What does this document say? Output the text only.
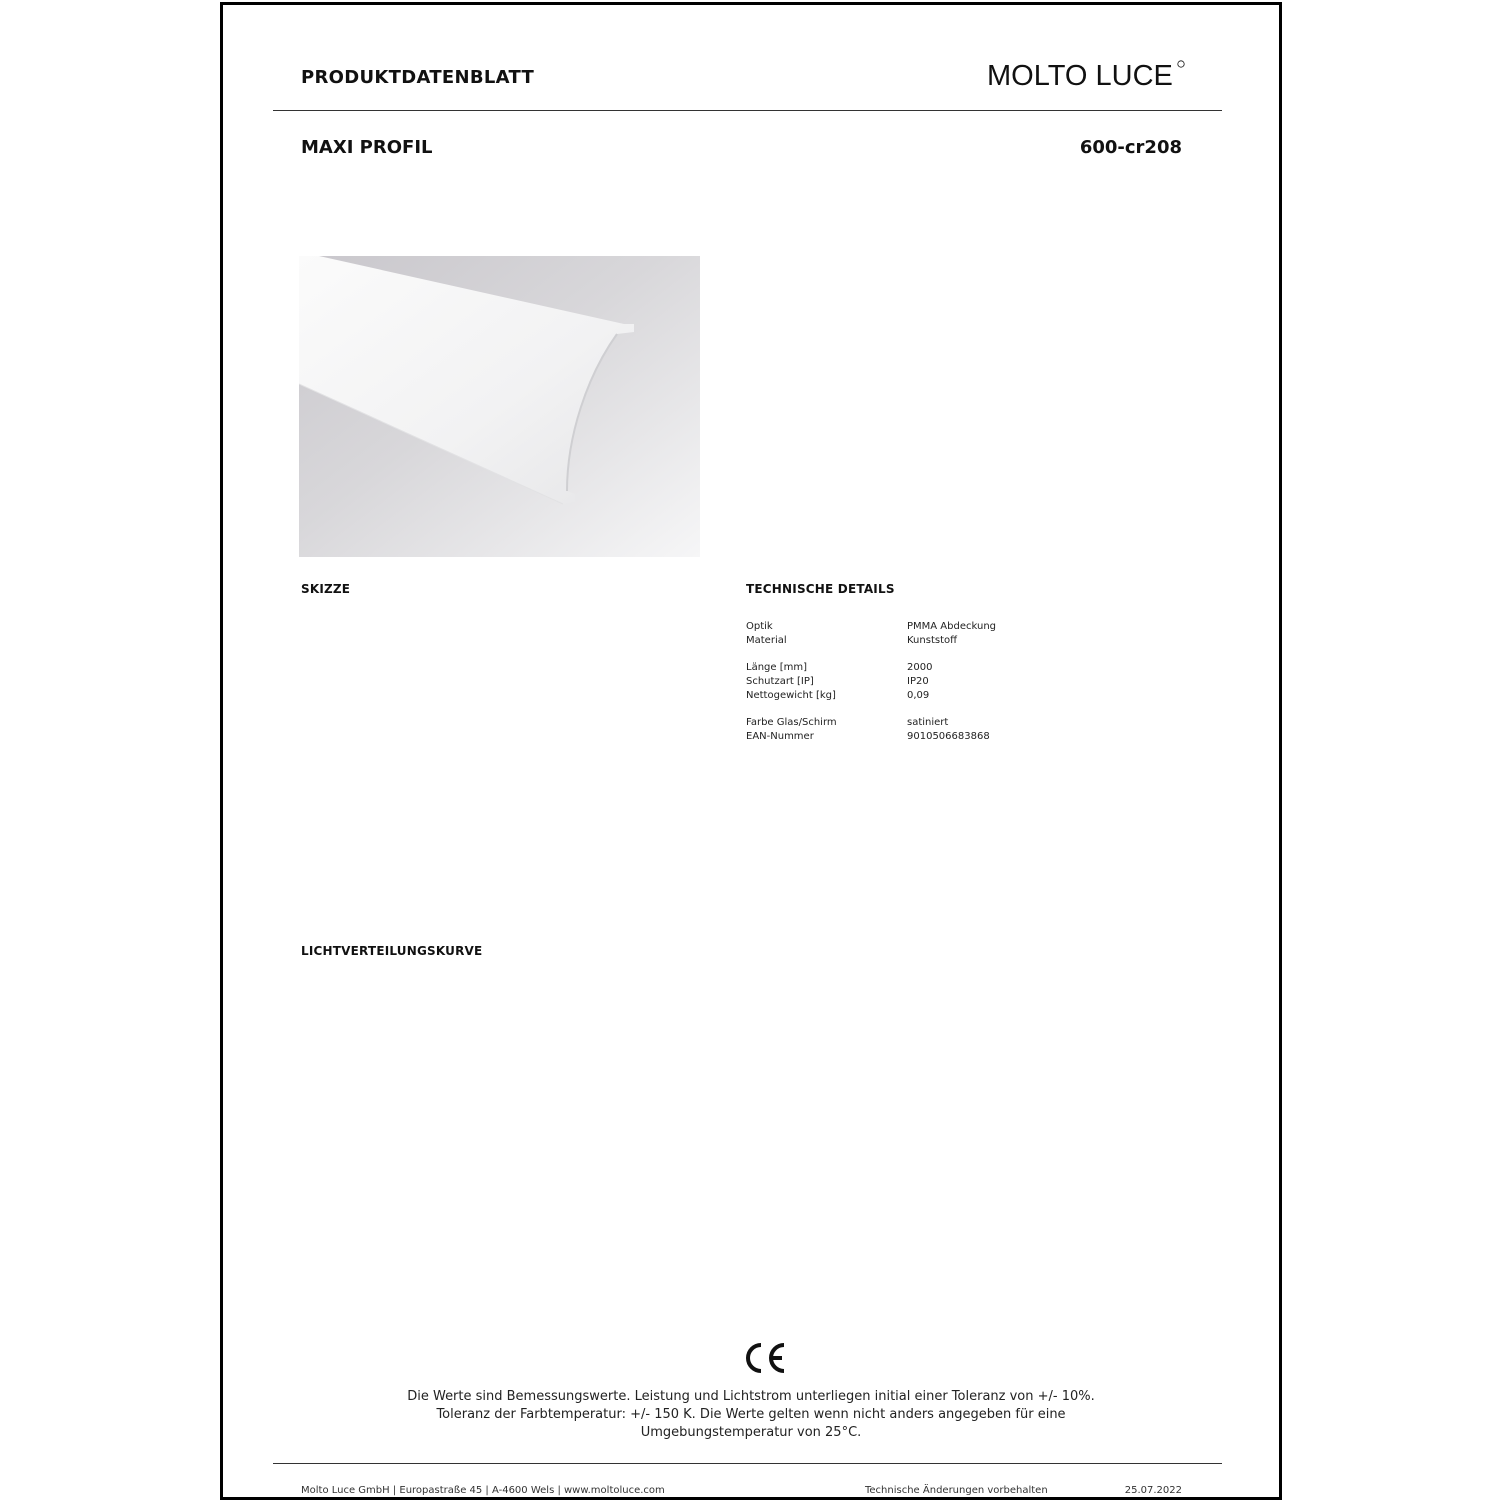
PRODUKTDATENBLATT	MOLTO LUCE
MAXI PROFIL	600-cr208
SKIZZE	TECHNISCHE DETAILS
Optik	PMMA Abdeckung
Material	Kunststoff
Länge [mm]	2000
Schutzart [IP]	IP20
Nettogewicht [kg]	0,09
Farbe Glas/Schirm	satiniert
EAN-Nummer	9010506683868
LICHTVERTEILUNGSKURVE
Die Werte sind Bemessungswerte. Leistung und Lichtstrom unterliegen initial einer Toleranz von +/- 10%.
Toleranz der Farbtemperatur: +/- 150 K. Die Werte gelten wenn nicht anders angegeben für eine
Umgebungstemperatur von 25°C.
Molto Luce GmbH | Europastraße 45 | A-4600 Wels | www.moltoluce.com	Technische Änderungen vorbehalten	25.07.2022
